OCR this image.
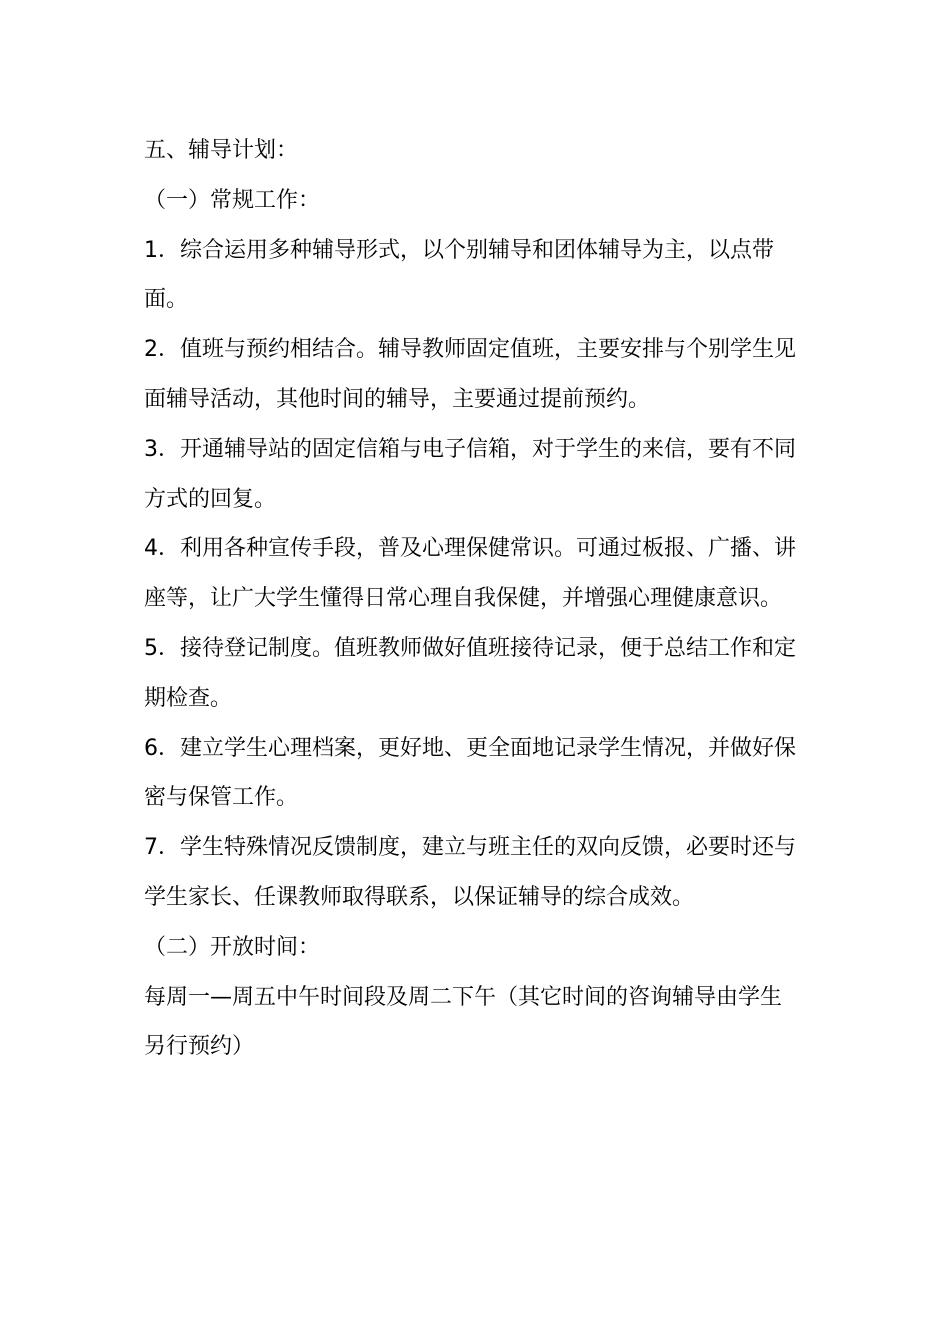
五、辅导计划：
（一）常规工作：
1．综合运用多种辅导形式，以个别辅导和团体辅导为主，以点带
面。
2．值班与预约相结合。辅导教师固定值班，主要安排与个别学生见
面辅导活动，其他时间的辅导，主要通过提前预约。
3．开通辅导站的固定信箱与电子信箱，对于学生的来信，要有不同
方式的回复。
4．利用各种宣传手段，普及心理保健常识。可通过板报、广播、讲
座等，让广大学生懂得日常心理自我保健，并增强心理健康意识。
5．接待登记制度。值班教师做好值班接待记录，便于总结工作和定
期检查。
6．建立学生心理档案，更好地、更全面地记录学生情况，并做好保
密与保管工作。
7．学生特殊情况反馈制度，建立与班主任的双向反馈，必要时还与
学生家长、任课教师取得联系，以保证辅导的综合成效。
（二）开放时间：
每周一—周五中午时间段及周二下午（其它时间的咨询辅导由学生
另行预约）
